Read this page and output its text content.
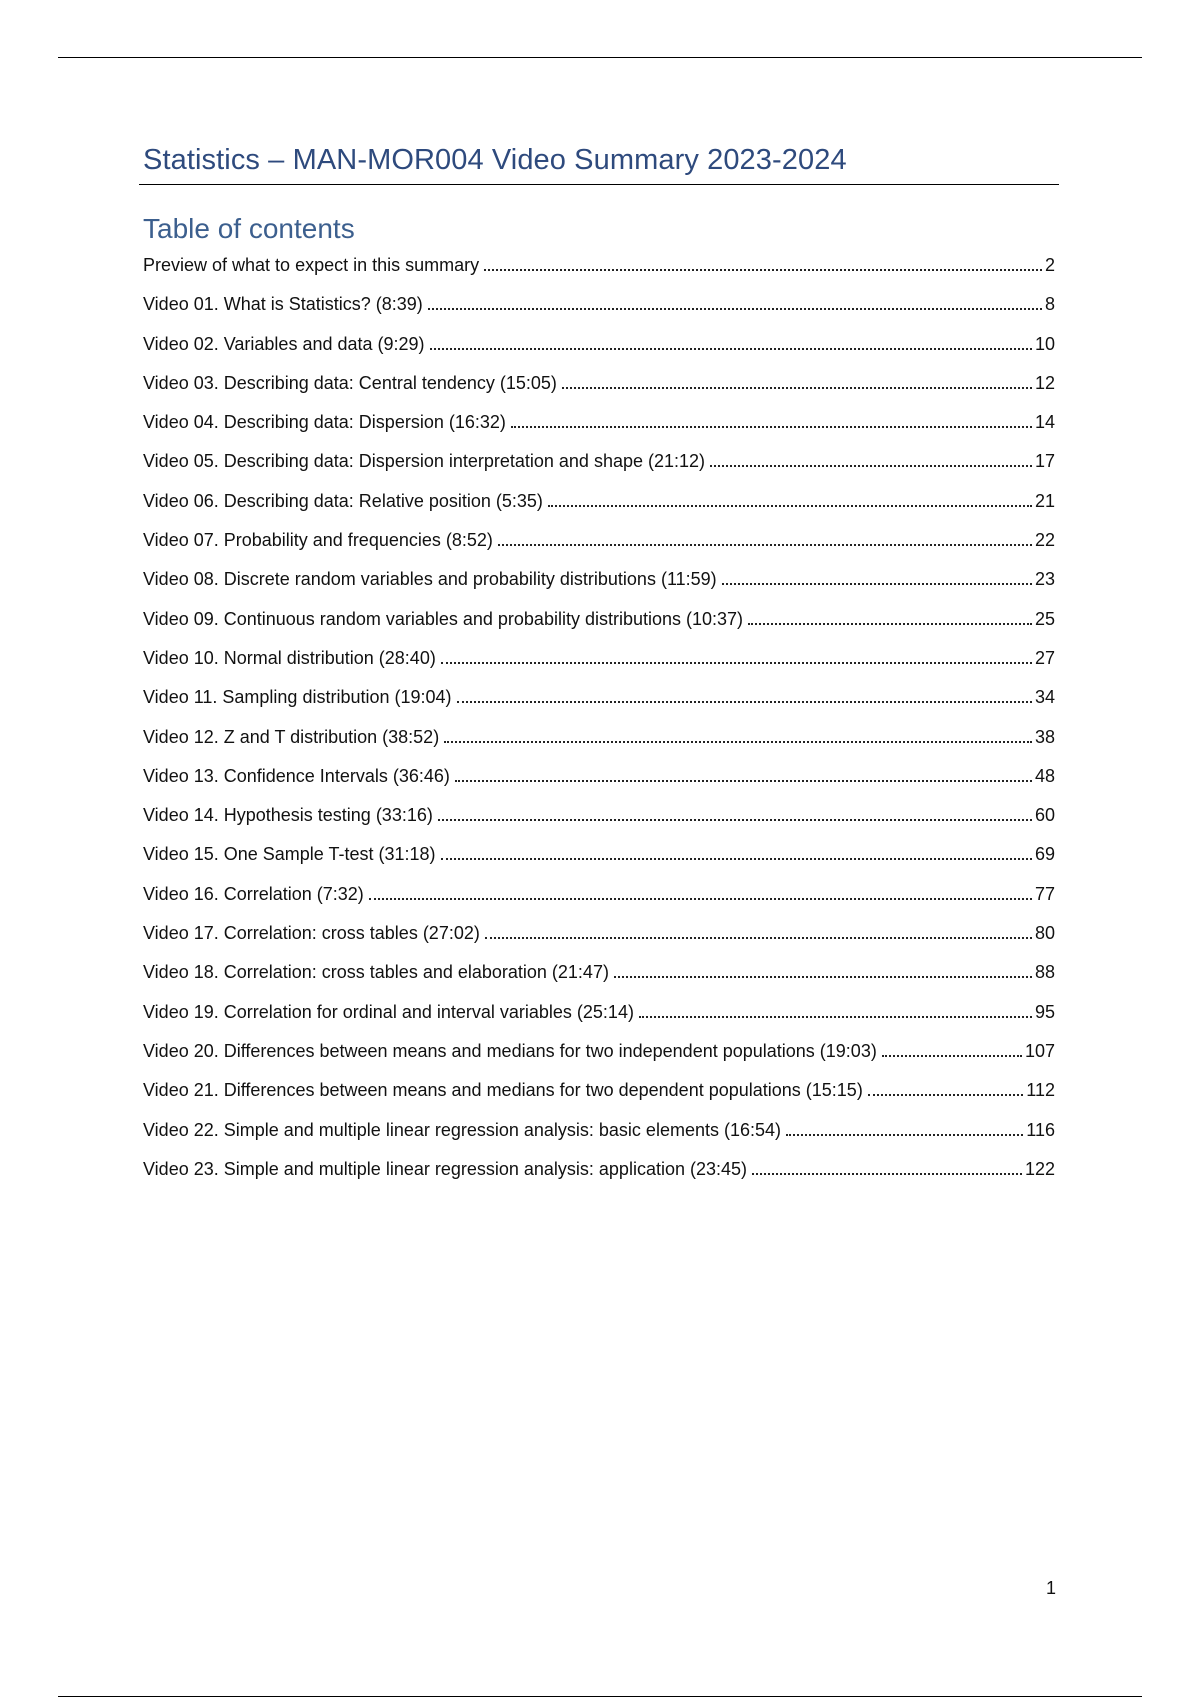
Statistics – MAN-MOR004 Video Summary 2023-2024
Table of contents
Preview of what to expect in this summary	2
Video 01. What is Statistics? (8:39)	8
Video 02. Variables and data (9:29)	10
Video 03. Describing data: Central tendency (15:05)	12
Video 04. Describing data: Dispersion (16:32)	14
Video 05. Describing data: Dispersion interpretation and shape (21:12)	17
Video 06. Describing data: Relative position (5:35)	21
Video 07. Probability and frequencies (8:52)	22
Video 08. Discrete random variables and probability distributions (11:59)	23
Video 09. Continuous random variables and probability distributions (10:37)	25
Video 10. Normal distribution (28:40)	27
Video 11. Sampling distribution (19:04)	34
Video 12. Z and T distribution (38:52)	38
Video 13. Confidence Intervals (36:46)	48
Video 14. Hypothesis testing (33:16)	60
Video 15. One Sample T-test (31:18)	69
Video 16. Correlation (7:32)	77
Video 17. Correlation: cross tables (27:02)	80
Video 18. Correlation: cross tables and elaboration (21:47)	88
Video 19. Correlation for ordinal and interval variables (25:14)	95
Video 20. Differences between means and medians for two independent populations (19:03)	107
Video 21. Differences between means and medians for two dependent populations (15:15)	112
Video 22. Simple and multiple linear regression analysis: basic elements (16:54)	116
Video 23. Simple and multiple linear regression analysis: application (23:45)	122

1
